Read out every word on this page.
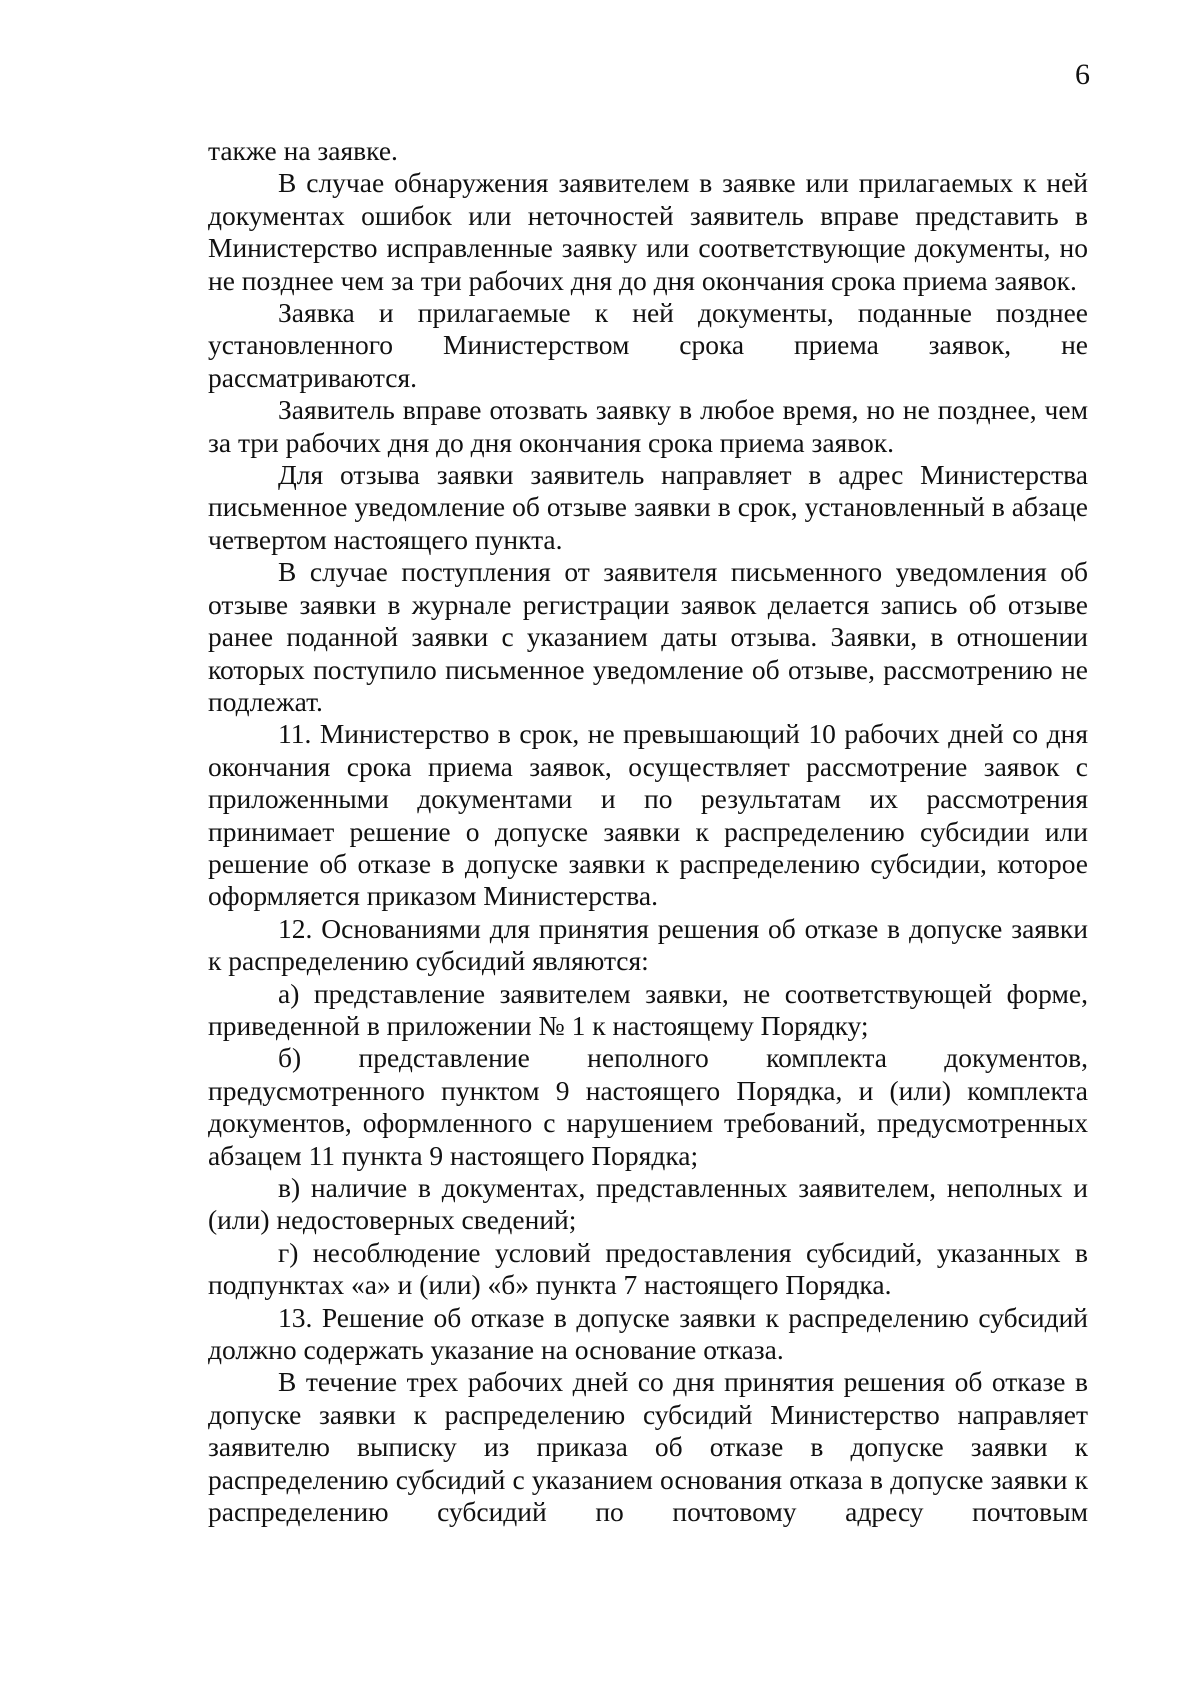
6

также на заявке.

В случае обнаружения заявителем в заявке или прилагаемых к ней документах ошибок или неточностей заявитель вправе представить в Министерство исправленные заявку или соответствующие документы, но не позднее чем за три рабочих дня до дня окончания срока приема заявок.

Заявка и прилагаемые к ней документы, поданные позднее установленного Министерством срока приема заявок, не рассматриваются.

Заявитель вправе отозвать заявку в любое время, но не позднее, чем за три рабочих дня до дня окончания срока приема заявок.

Для отзыва заявки заявитель направляет в адрес Министерства письменное уведомление об отзыве заявки в срок, установленный в абзаце четвертом настоящего пункта.

В случае поступления от заявителя письменного уведомления об отзыве заявки в журнале регистрации заявок делается запись об отзыве ранее поданной заявки с указанием даты отзыва. Заявки, в отношении которых поступило письменное уведомление об отзыве, рассмотрению не подлежат.

11. Министерство в срок, не превышающий 10 рабочих дней со дня окончания срока приема заявок, осуществляет рассмотрение заявок с приложенными документами и по результатам их рассмотрения принимает решение о допуске заявки к распределению субсидии или решение об отказе в допуске заявки к распределению субсидии, которое оформляется приказом Министерства.

12. Основаниями для принятия решения об отказе в допуске заявки к распределению субсидий являются:

а) представление заявителем заявки, не соответствующей форме, приведенной в приложении № 1 к настоящему Порядку;

б) представление неполного комплекта документов, предусмотренного пунктом 9 настоящего Порядка, и (или) комплекта документов, оформленного с нарушением требований, предусмотренных абзацем 11 пункта 9 настоящего Порядка;

в) наличие в документах, представленных заявителем, неполных и (или) недостоверных сведений;

г) несоблюдение условий предоставления субсидий, указанных в подпунктах «а» и (или) «б» пункта 7 настоящего Порядка.

13. Решение об отказе в допуске заявки к распределению субсидий должно содержать указание на основание отказа.

В течение трех рабочих дней со дня принятия решения об отказе в допуске заявки к распределению субсидий Министерство направляет заявителю выписку из приказа об отказе в допуске заявки к распределению субсидий с указанием основания отказа в допуске заявки к распределению субсидий по почтовому адресу почтовым
